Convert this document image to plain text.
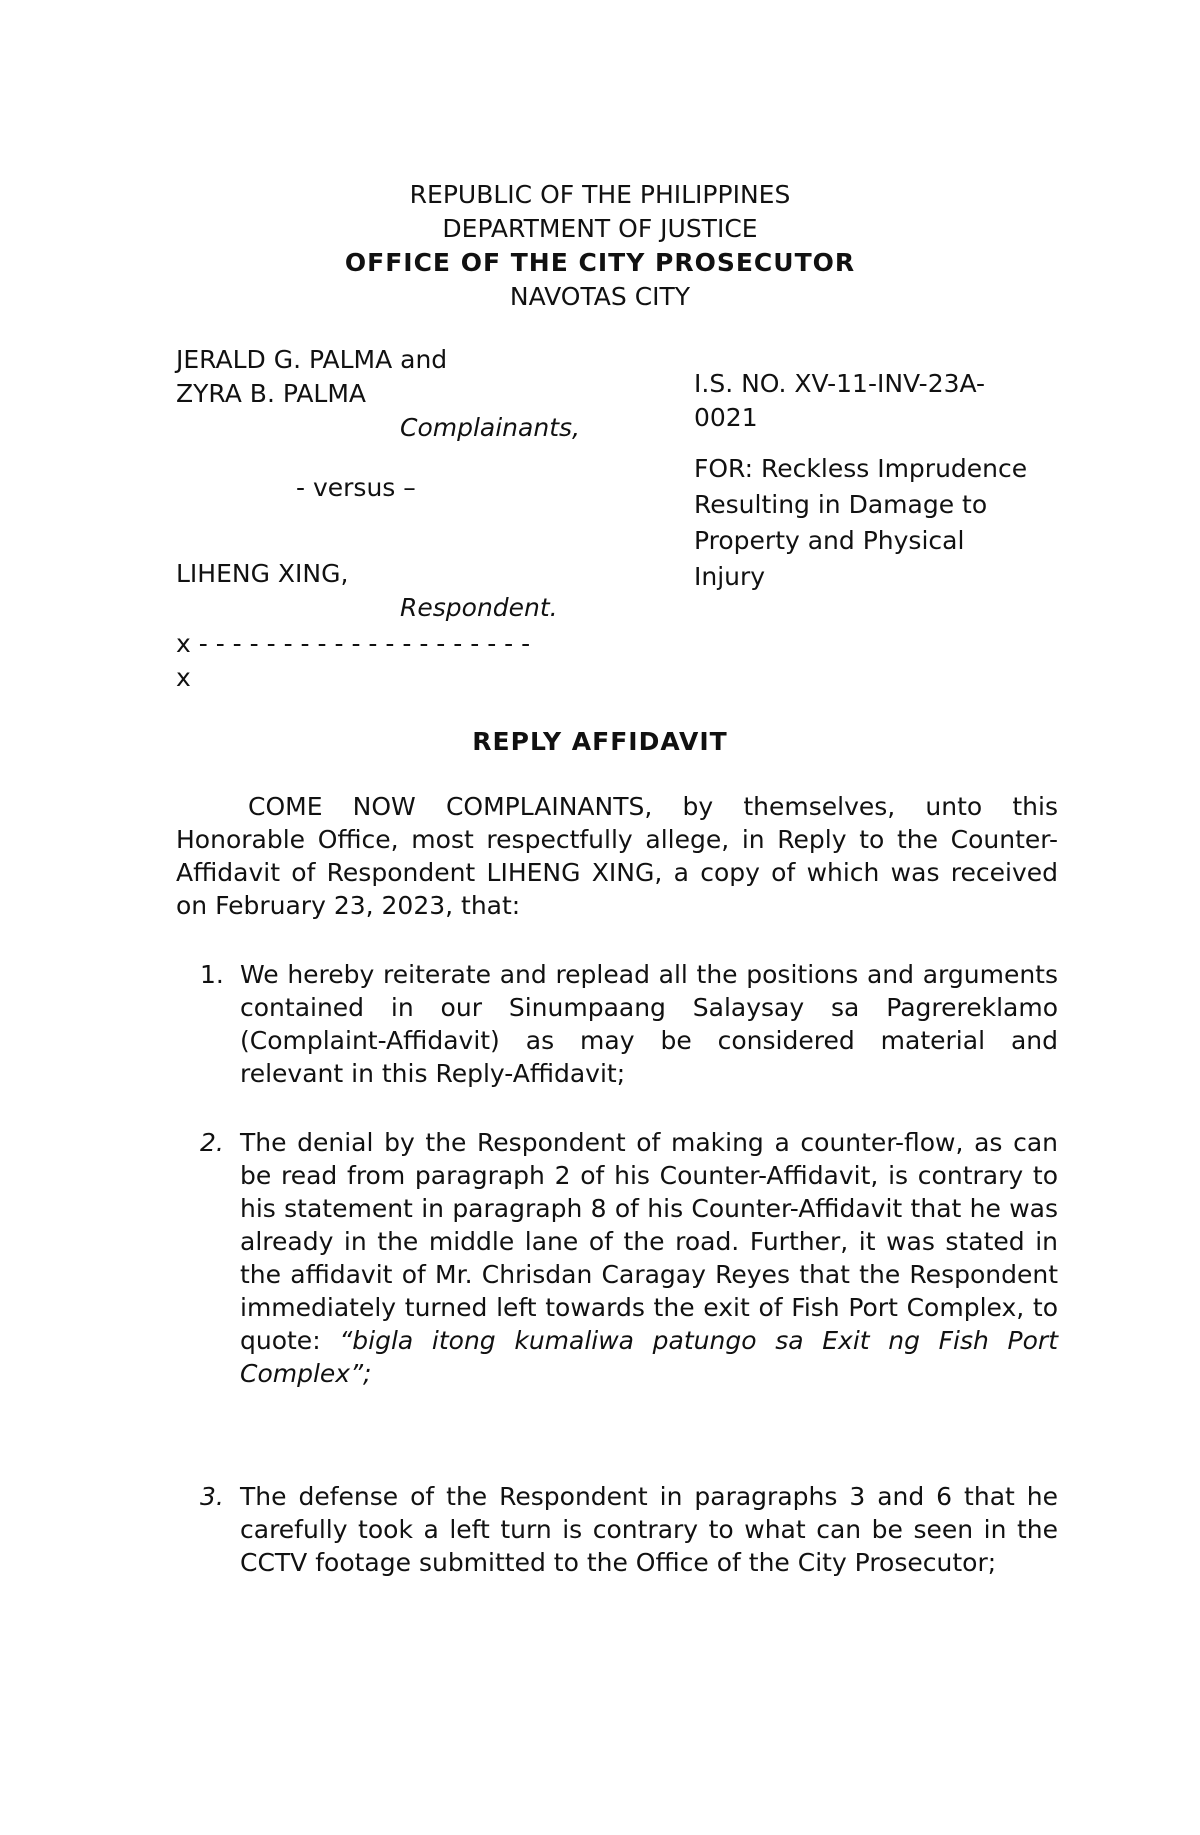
REPUBLIC OF THE PHILIPPINES
DEPARTMENT OF JUSTICE
OFFICE OF THE CITY PROSECUTOR
NAVOTAS CITY
JERALD G. PALMA and
ZYRA B. PALMA
Complainants,
- versus –
LIHENG XING,
Respondent.
x - - - - - - - - - - - - - - - - - - - -
x
I.S. NO. XV-11-INV-23A-
0021
FOR: Reckless Imprudence
Resulting in Damage to
Property and Physical
Injury
REPLY AFFIDAVIT
COME NOW COMPLAINANTS, by themselves, unto this Honorable Office, most respectfully allege, in Reply to the Counter-Affidavit of Respondent LIHENG XING, a copy of which was received on February 23, 2023, that:
1. We hereby reiterate and replead all the positions and arguments contained in our Sinumpaang Salaysay sa Pagrereklamo (Complaint-Affidavit) as may be considered material and relevant in this Reply-Affidavit;

2. The denial by the Respondent of making a counter-flow, as can be read from paragraph 2 of his Counter-Affidavit, is contrary to his statement in paragraph 8 of his Counter-Affidavit that he was already in the middle lane of the road. Further, it was stated in the affidavit of Mr. Chrisdan Caragay Reyes that the Respondent immediately turned left towards the exit of Fish Port Complex, to quote: “bigla itong kumaliwa patungo sa Exit ng Fish Port Complex”;

3. The defense of the Respondent in paragraphs 3 and 6 that he carefully took a left turn is contrary to what can be seen in the CCTV footage submitted to the Office of the City Prosecutor;
